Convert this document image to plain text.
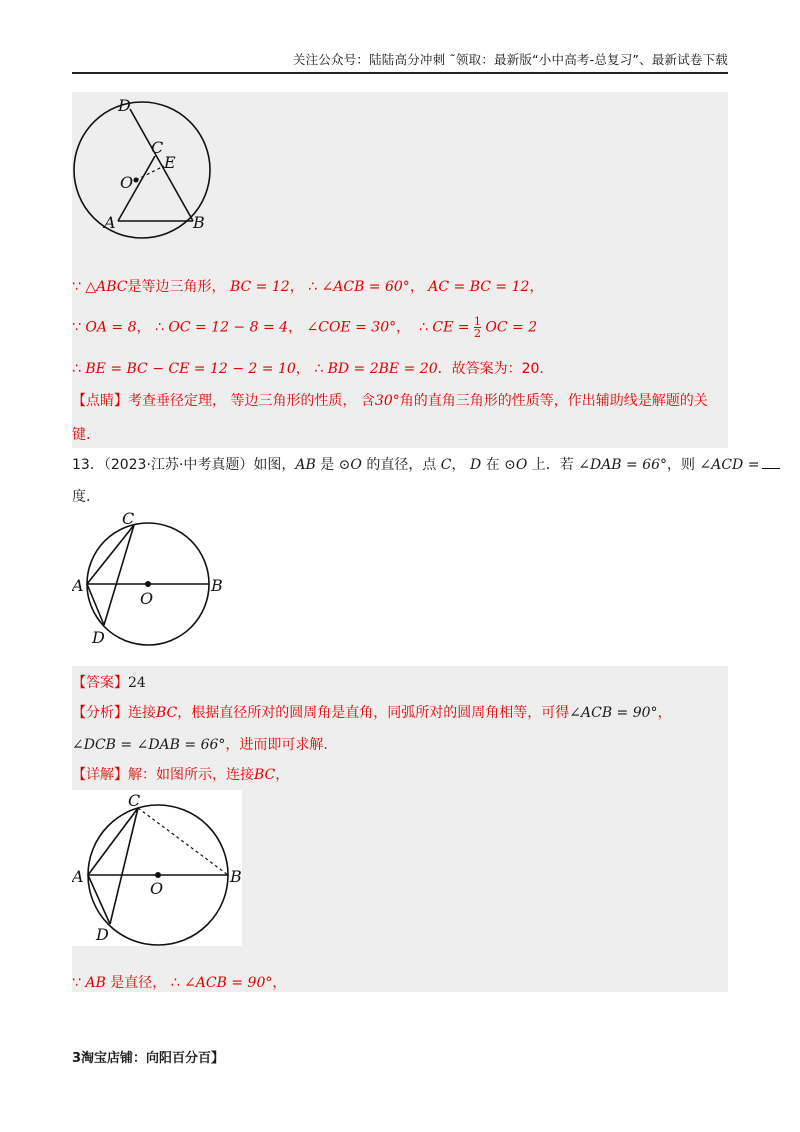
关注公众号：陆陆高分冲刺 ˜领取：最新版“小中高考-总复习”、最新试卷下载
D
C
E
O
A	B
∵ △ABC是等边三角形， BC = 12， ∴ ∠ACB = 60°， AC = BC = 12，
∵ OA = 8， ∴ OC = 12 − 8 = 4， ∠COE = 30°， ∴ CE = $\frac{1}{2}$ OC = 2
∴ BE = BC − CE = 12 − 2 = 10， ∴ BD = 2BE = 20．故答案为：20.
【点睛】考查垂径定理， 等边三角形的性质， 含30°角的直角三角形的性质等，作出辅助线是解题的关
键.
13．（2023·江苏·中考真题）如图，AB 是 ⊙O 的直径，点 C， D 在 ⊙O 上．若 ∠DAB = 66°，则 ∠ACD =
度.
C
A
O
B
D
【答案】24
【分析】连接BC，根据直径所对的圆周角是直角，同弧所对的圆周角相等，可得∠ACB = 90°，
∠DCB = ∠DAB = 66°，进而即可求解.
【详解】解：如图所示，连接BC，
C
A
O
B
D
∵ AB 是直径， ∴ ∠ACB = 90°，
3淘宝店铺：向阳百分百】
